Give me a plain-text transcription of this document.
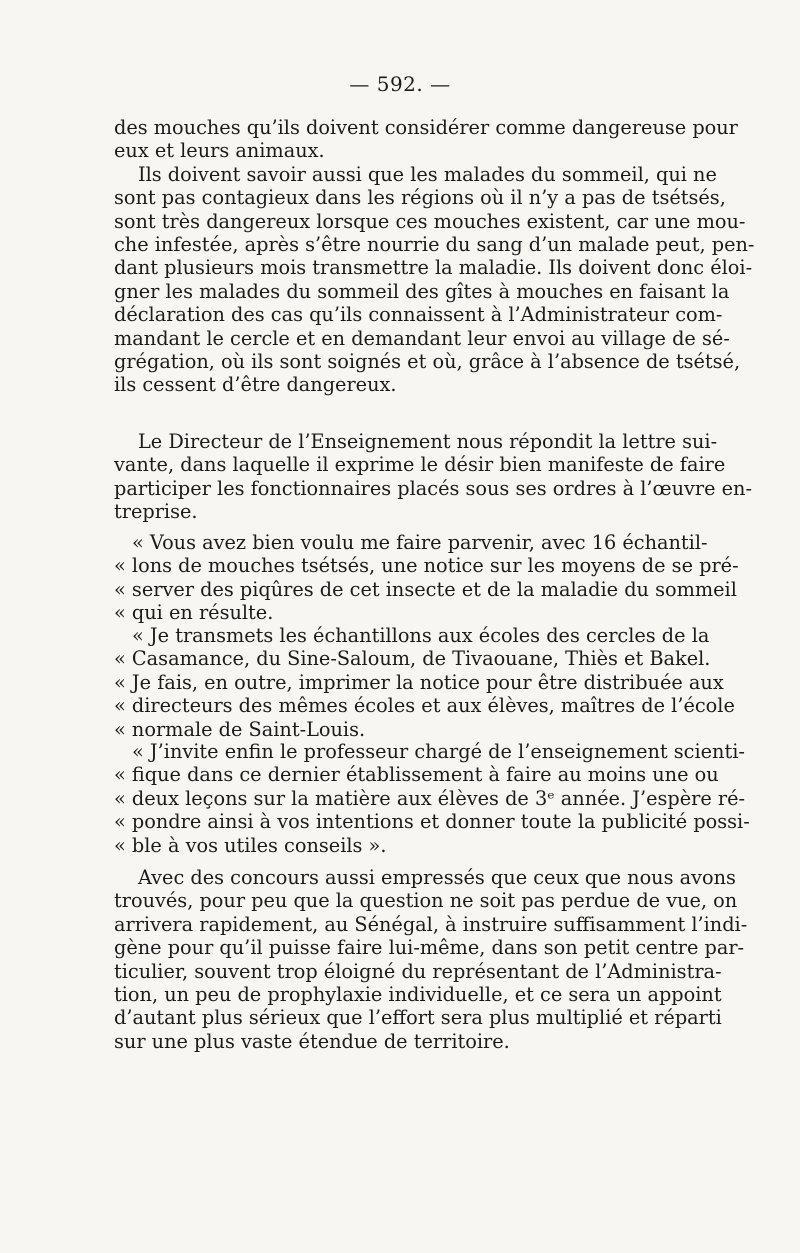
— 592. —
des mouches qu’ils doivent considérer comme dangereuse pour
eux et leurs animaux.
Ils doivent savoir aussi que les malades du sommeil, qui ne
sont pas contagieux dans les régions où il n’y a pas de tsétsés,
sont très dangereux lorsque ces mouches existent, car une mou-
che infestée, après s’être nourrie du sang d’un malade peut, pen-
dant plusieurs mois transmettre la maladie. Ils doivent donc éloi-
gner les malades du sommeil des gîtes à mouches en faisant la
déclaration des cas qu’ils connaissent à l’Administrateur com-
mandant le cercle et en demandant leur envoi au village de sé-
grégation, où ils sont soignés et où, grâce à l’absence de tsétsé,
ils cessent d’être dangereux.
Le Directeur de l’Enseignement nous répondit la lettre sui-
vante, dans laquelle il exprime le désir bien manifeste de faire
participer les fonctionnaires placés sous ses ordres à l’œuvre en-
treprise.
« Vous avez bien voulu me faire parvenir, avec 16 échantil-
« lons de mouches tsétsés, une notice sur les moyens de se pré-
« server des piqûres de cet insecte et de la maladie du sommeil
« qui en résulte.
« Je transmets les échantillons aux écoles des cercles de la
« Casamance, du Sine-Saloum, de Tivaouane, Thiès et Bakel.
« Je fais, en outre, imprimer la notice pour être distribuée aux
« directeurs des mêmes écoles et aux élèves, maîtres de l’école
« normale de Saint-Louis.
« J’invite enfin le professeur chargé de l’enseignement scienti-
« fique dans ce dernier établissement à faire au moins une ou
« deux leçons sur la matière aux élèves de 3ᵉ année. J’espère ré-
« pondre ainsi à vos intentions et donner toute la publicité possi-
« ble à vos utiles conseils ».
Avec des concours aussi empressés que ceux que nous avons
trouvés, pour peu que la question ne soit pas perdue de vue, on
arrivera rapidement, au Sénégal, à instruire suffisamment l’indi-
gène pour qu’il puisse faire lui-même, dans son petit centre par-
ticulier, souvent trop éloigné du représentant de l’Administra-
tion, un peu de prophylaxie individuelle, et ce sera un appoint
d’autant plus sérieux que l’effort sera plus multiplié et réparti
sur une plus vaste étendue de territoire.
